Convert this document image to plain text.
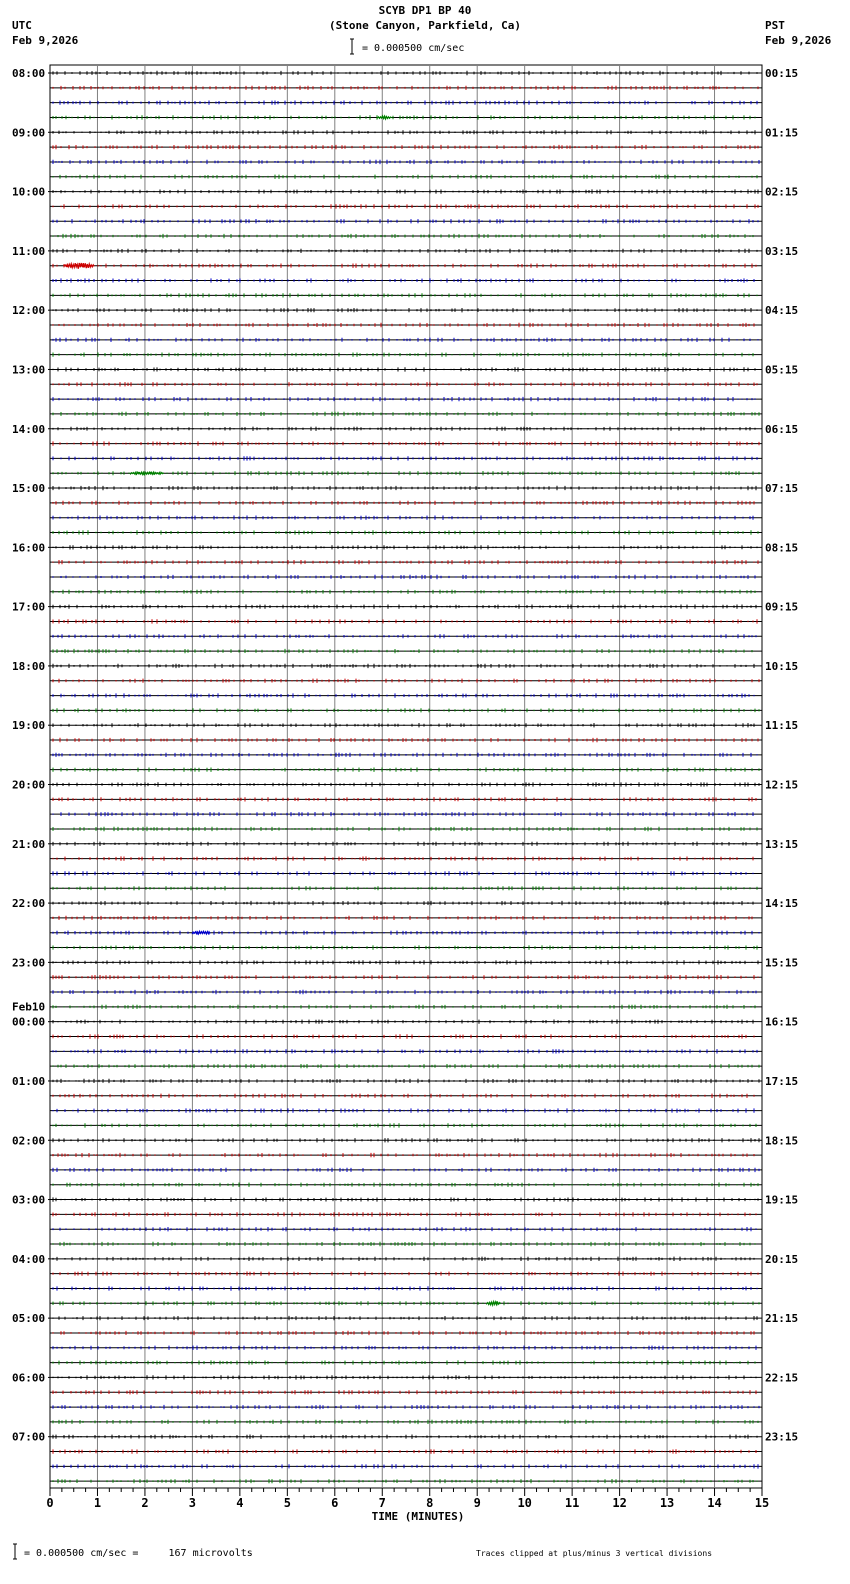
SCYB DP1 BP 40
(Stone Canyon, Parkfield, Ca)
UTC
Feb 9,2026
PST
Feb 9,2026
= 0.000500 cm/sec
= 0.000500 cm/sec =     167 microvolts	Traces clipped at plus/minus 3 vertical divisions
08:00
09:00
10:00
11:00
12:00
13:00
14:00
15:00
16:00
17:00
18:00
19:00
20:00
21:00
22:00
23:00
Feb10
00:00
01:00
02:00
03:00
04:00
05:00
06:00
07:00
00:15
01:15
02:15
03:15
04:15
05:15
06:15
07:15
08:15
09:15
10:15
11:15
12:15
13:15
14:15
15:15
16:15
17:15
18:15
19:15
20:15
21:15
22:15
23:15
0	1	2	3	4	5	6	7	8	9	10	11	12	13	14	15
TIME (MINUTES)
